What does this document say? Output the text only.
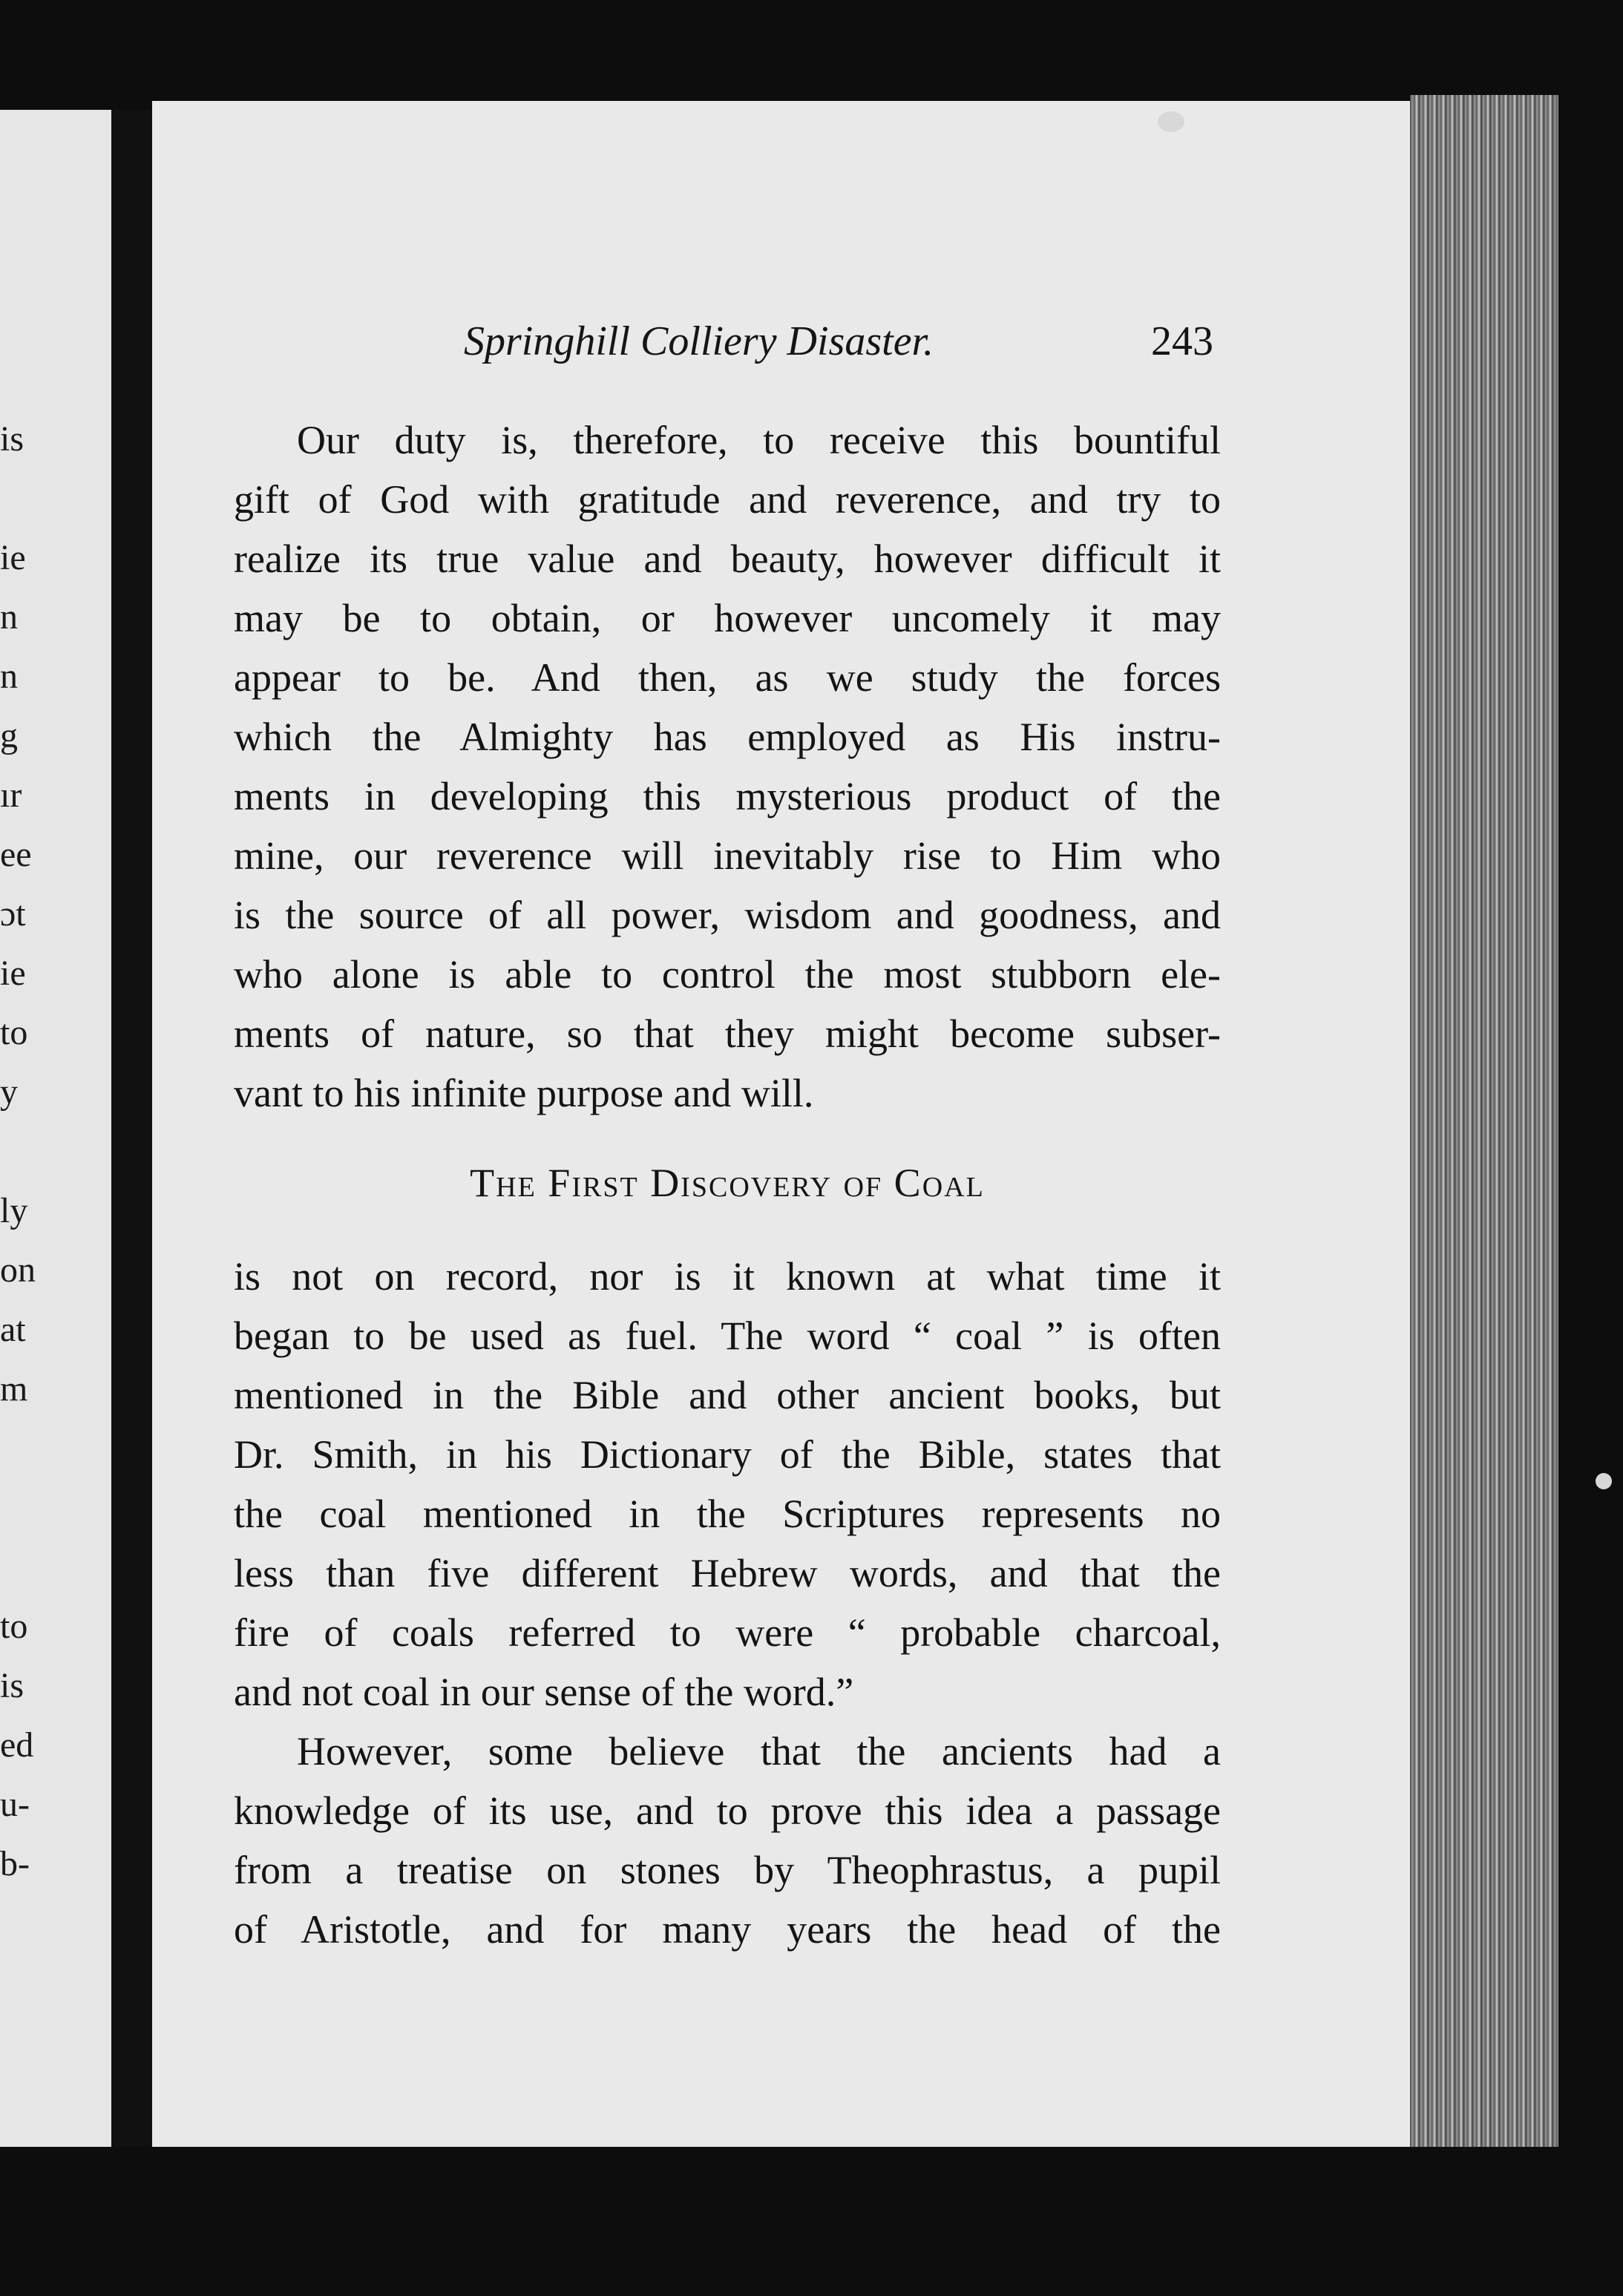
is

ie

n

n

g

ır

ee

ɔt

ie

to

y

ly

on

at

m

to

is

ed

u-

b-

Springhill Colliery Disaster.	243

Our duty is, therefore, to receive this bountiful
gift of God with gratitude and reverence, and try to
realize its true value and beauty, however difficult it
may be to obtain, or however uncomely it may
appear to be. And then, as we study the forces
which the Almighty has employed as His instru-
ments in developing this mysterious product of the
mine, our reverence will inevitably rise to Him who
is the source of all power, wisdom and goodness, and
who alone is able to control the most stubborn ele-
ments of nature, so that they might become subser-
vant to his infinite purpose and will.

The First Discovery of Coal

is not on record, nor is it known at what time it
began to be used as fuel. The word “ coal ” is often
mentioned in the Bible and other ancient books, but
Dr. Smith, in his Dictionary of the Bible, states that
the coal mentioned in the Scriptures represents no
less than five different Hebrew words, and that the
fire of coals referred to were “ probable charcoal,
and not coal in our sense of the word.”
However, some believe that the ancients had a
knowledge of its use, and to prove this idea a passage
from a treatise on stones by Theophrastus, a pupil
of Aristotle, and for many years the head of the
